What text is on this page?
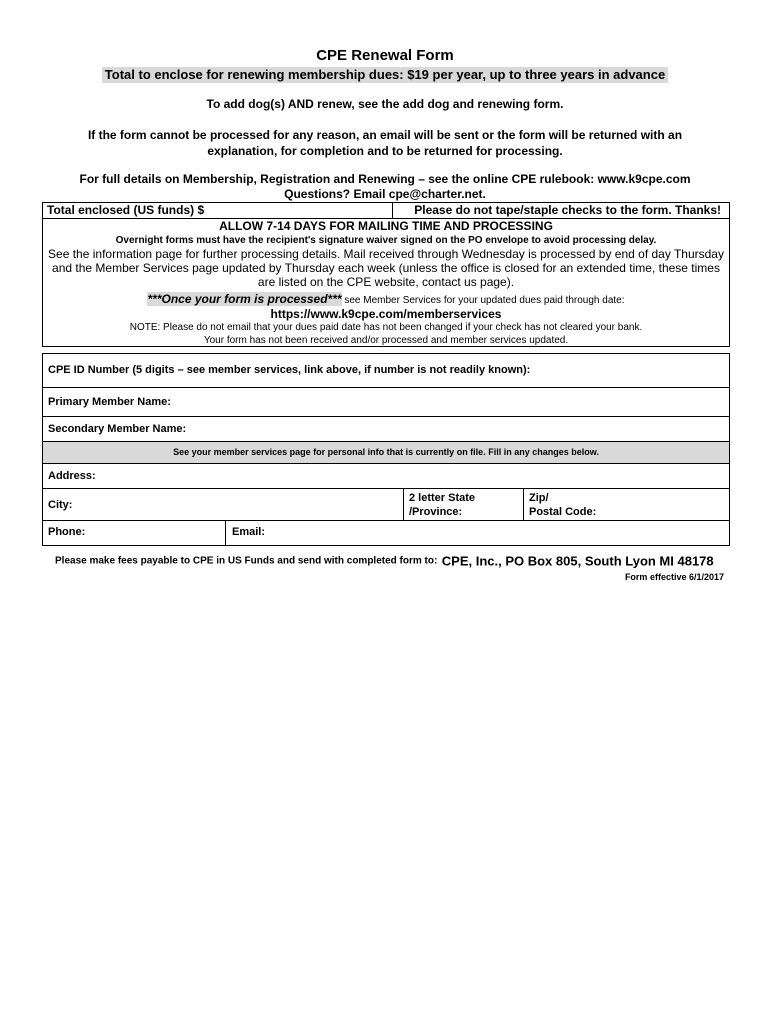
CPE Renewal Form
Total to enclose for renewing membership dues: $19 per year, up to three years in advance
To add dog(s) AND renew, see the add dog and renewing form.
If the form cannot be processed for any reason, an email will be sent or the form will be returned with an explanation, for completion and to be returned for processing.
For full details on Membership, Registration and Renewing – see the online CPE rulebook: www.k9cpe.com
Questions? Email cpe@charter.net.
Total enclosed (US funds) $	Please do not tape/staple checks to the form. Thanks!
ALLOW 7-14 DAYS FOR MAILING TIME AND PROCESSING
Overnight forms must have the recipient's signature waiver signed on the PO envelope to avoid processing delay.
See the information page for further processing details. Mail received through Wednesday is processed by end of day Thursday and the Member Services page updated by Thursday each week (unless the office is closed for an extended time, these times are listed on the CPE website, contact us page).
***Once your form is processed*** see Member Services for your updated dues paid through date:
https://www.k9cpe.com/memberservices
NOTE: Please do not email that your dues paid date has not been changed if your check has not cleared your bank.
Your form has not been received and/or processed and member services updated.
CPE ID Number (5 digits – see member services, link above, if number is not readily known):
Primary Member Name:
Secondary Member Name:
See your member services page for personal info that is currently on file. Fill in any changes below.
Address:
City:
2 letter State
/Province:
Zip/
Postal Code:
Phone:	Email:
Please make fees payable to CPE in US Funds and send with completed form to: CPE, Inc., PO Box 805, South Lyon MI 48178
Form effective 6/1/2017
